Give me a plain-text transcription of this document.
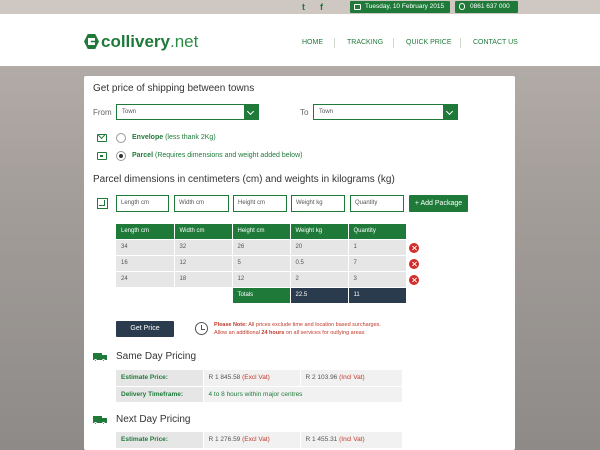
t f	Tuesday, 10 February 2015	0861 637 000
collivery.net	HOME	TRACKING	QUICK PRICE	CONTACT US
Get price of shipping between towns
From	Town	To	Town
Envelope (less thank 2Kg)
Parcel (Requires dimensions and weight added below)
Parcel dimensions in centimeters (cm) and weights in kilograms (kg)
Length cm	Width cm	Height cm	Weight kg	Quantity	+ Add Package
Length cm	Width cm	Height cm	Weight kg	Quantity
34	32	26	20	1
16	12	5	0.5	7
24	18	12	2	3
		Totals	22.5	11
Get Price	Please Note: All prices exclude time and location based surcharges.
Allow an additional 24 hours on all services for outlying areas
Same Day Pricing
Estimate Price:	R 1 845.58 (Excl Vat)	R 2 103.96 (Incl Vat)
Delivery Timeframe:	4 to 8 hours within major centres	
Next Day Pricing
Estimate Price:	R 1 276.59 (Excl Vat)	R 1 455.31 (Incl Vat)
